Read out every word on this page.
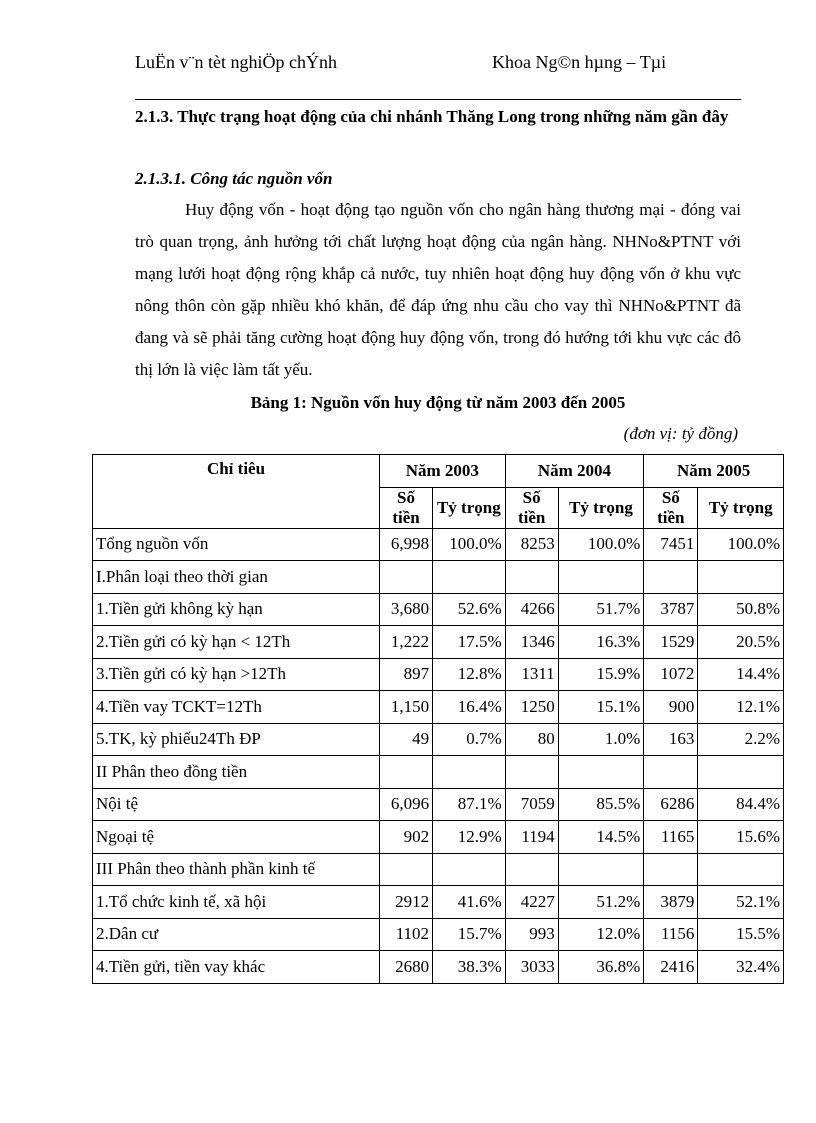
LuËn v¨n tèt nghiÖp chÝnh	Khoa Ng©n hµng – Tµi
2.1.3. Thực trạng hoạt động của chi nhánh Thăng Long trong những năm gần đây
2.1.3.1. Công tác nguồn vốn

Huy động vốn - hoạt động tạo nguồn vốn cho ngân hàng thương mại - đóng vai trò quan trọng, ảnh hưởng tới chất lượng hoạt động của ngân hàng. NHNo&PTNT với mạng lưới hoạt động rộng khắp cả nước, tuy nhiên hoạt động huy động vốn ở khu vực nông thôn còn gặp nhiều khó khăn, để đáp ứng nhu cầu cho vay thì NHNo&PTNT đã đang và sẽ phải tăng cường hoạt động huy động vốn, trong đó hướng tới khu vực các đô thị lớn là việc làm tất yếu.

Bảng 1: Nguồn vốn huy động từ năm 2003 đến 2005
(đơn vị: tỷ đồng)
Chỉ tiêu	Năm 2003		Năm 2004		Năm 2005	
	Số tiền	Tỷ trọng	Số tiền	Tỷ trọng	Số tiền	Tỷ trọng
Tổng nguồn vốn	6,998	100.0%	8253	100.0%	7451	100.0%
I.Phân loại theo thời gian						
1.Tiền gửi không kỳ hạn	3,680	52.6%	4266	51.7%	3787	50.8%
2.Tiền gửi có kỳ hạn < 12Th	1,222	17.5%	1346	16.3%	1529	20.5%
3.Tiền gửi có kỳ hạn >12Th	897	12.8%	1311	15.9%	1072	14.4%
4.Tiền vay TCKT=12Th	1,150	16.4%	1250	15.1%	900	12.1%
5.TK, kỳ phiếu24Th ĐP	49	0.7%	80	1.0%	163	2.2%
II Phân theo đồng tiền						
Nội tệ	6,096	87.1%	7059	85.5%	6286	84.4%
Ngoại tệ	902	12.9%	1194	14.5%	1165	15.6%
III Phân theo thành phần kinh tế						
1.Tổ chức kinh tế, xã hội	2912	41.6%	4227	51.2%	3879	52.1%
2.Dân cư	1102	15.7%	993	12.0%	1156	15.5%
4.Tiền gửi, tiền vay khác	2680	38.3%	3033	36.8%	2416	32.4%
